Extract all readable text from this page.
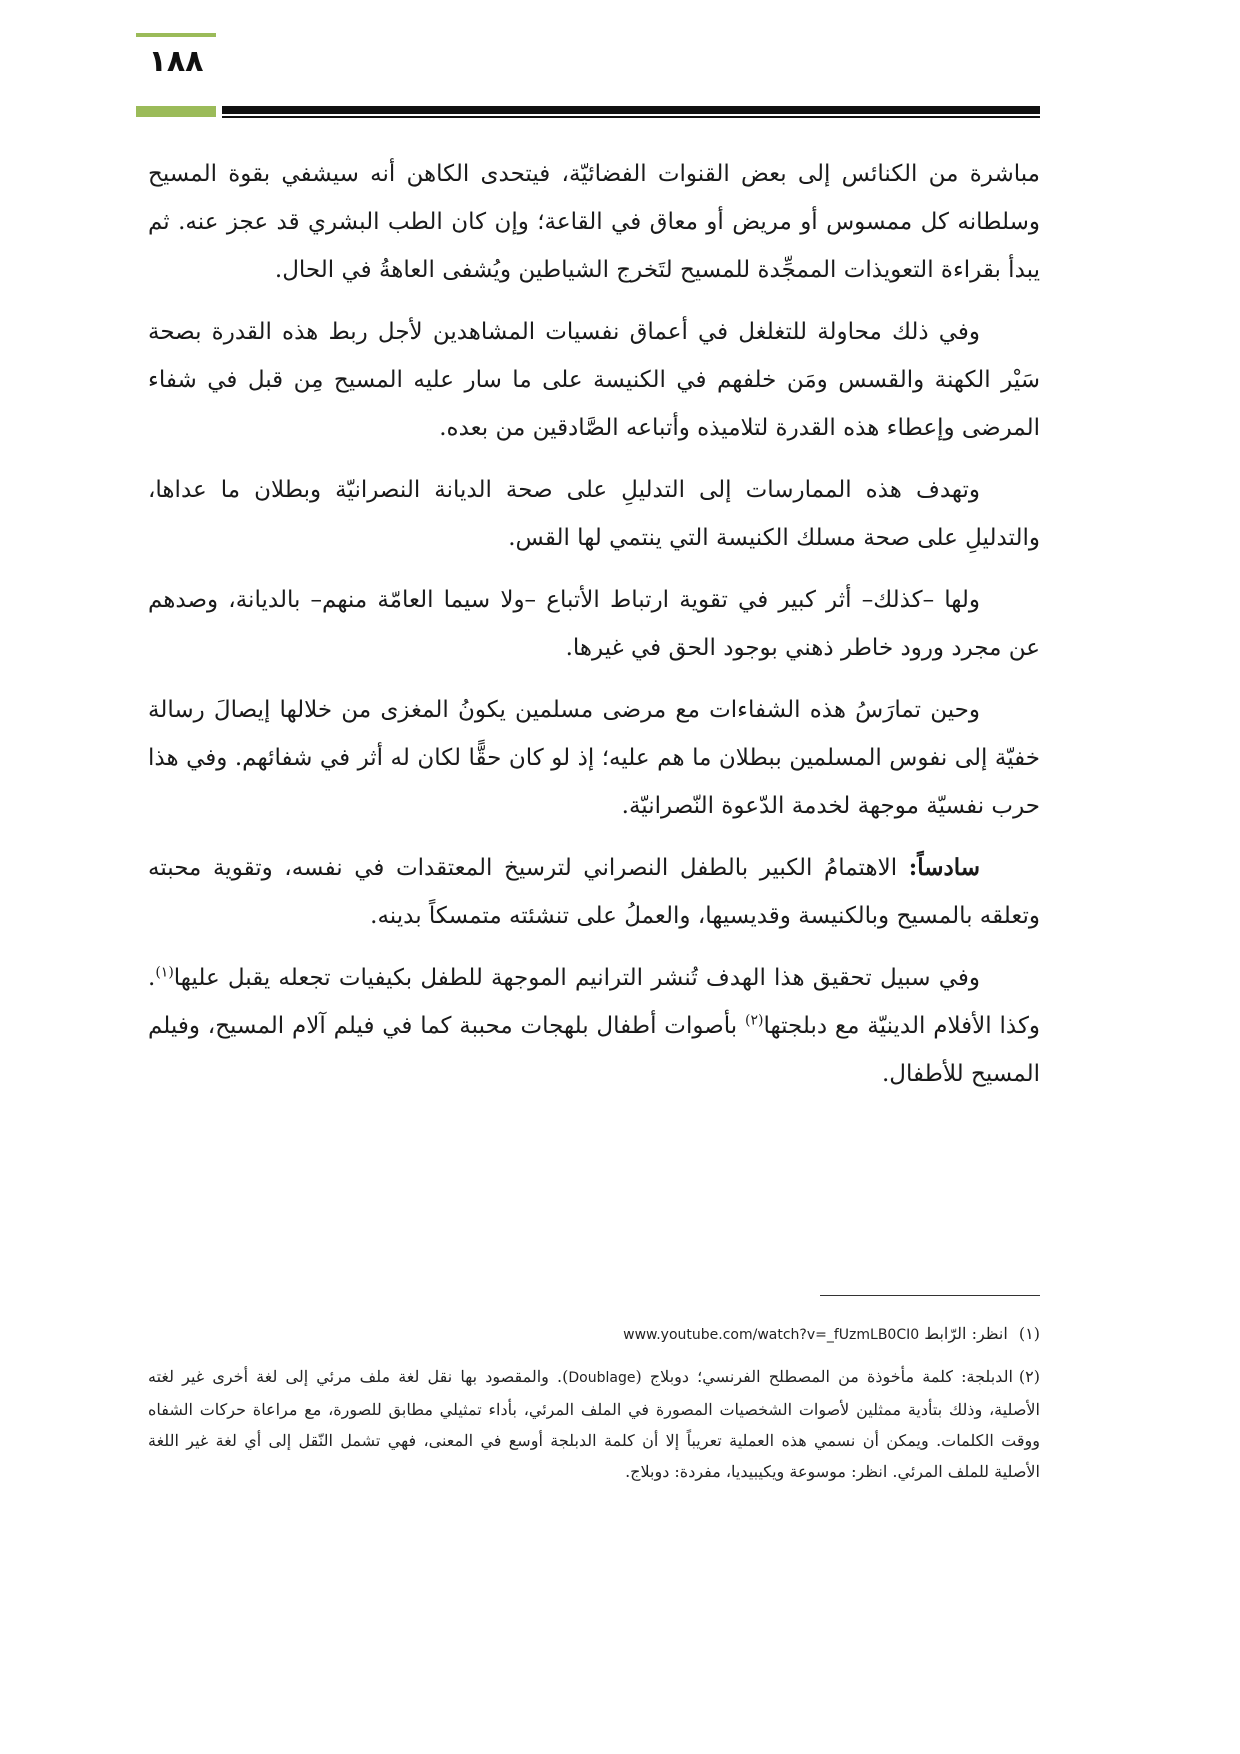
١٨٨

مباشرة من الكنائس إلى بعض القنوات الفضائيّة، فيتحدى الكاهن أنه سيشفي بقوة المسيح وسلطانه كل ممسوس أو مريض أو معاق في القاعة؛ وإن كان الطب البشري قد عجز عنه. ثم يبدأ بقراءة التعويذات الممجِّدة للمسيح لتَخرج الشياطين ويُشفى العاهةُ في الحال.

وفي ذلك محاولة للتغلغل في أعماق نفسيات المشاهدين لأجل ربط هذه القدرة بصحة سَيْر الكهنة والقسس ومَن خلفهم في الكنيسة على ما سار عليه المسيح مِن قبل في شفاء المرضى وإعطاء هذه القدرة لتلاميذه وأتباعه الصَّادقين من بعده.

وتهدف هذه الممارسات إلى التدليلِ على صحة الديانة النصرانيّة وبطلان ما عداها، والتدليلِ على صحة مسلك الكنيسة التي ينتمي لها القس.

ولها –كذلك– أثر كبير في تقوية ارتباط الأتباع –ولا سيما العامّة منهم– بالديانة، وصدهم عن مجرد ورود خاطر ذهني بوجود الحق في غيرها.

وحين تمارَسُ هذه الشفاءات مع مرضى مسلمين يكونُ المغزى من خلالها إيصالَ رسالة خفيّة إلى نفوس المسلمين ببطلان ما هم عليه؛ إذ لو كان حقًّا لكان له أثر في شفائهم. وفي هذا حرب نفسيّة موجهة لخدمة الدّعوة النّصرانيّة.

سادساً: الاهتمامُ الكبير بالطفل النصراني لترسيخ المعتقدات في نفسه، وتقوية محبته وتعلقه بالمسيح وبالكنيسة وقديسيها، والعملُ على تنشئته متمسكاً بدينه.

وفي سبيل تحقيق هذا الهدف تُنشر الترانيم الموجهة للطفل بكيفيات تجعله يقبل عليها$^{(١)}$. وكذا الأفلام الدينيّة مع دبلجتها$^{(٢)}$ بأصوات أطفال بلهجات محببة كما في فيلم آلام المسيح، وفيلم المسيح للأطفال.

(١) انظر: الرّابط www.youtube.com/watch?v=_fUzmLB0CI0
(٢)الدبلجة: كلمة مأخوذة من المصطلح الفرنسي؛ دوبلاج (Doublage). والمقصود بها نقل لغة ملف مرئي إلى لغة أخرى غير لغته الأصلية، وذلك بتأدية ممثلين لأصوات الشخصيات المصورة في الملف المرئي، بأداء تمثيلي مطابق للصورة، مع مراعاة حركات الشفاه ووقت الكلمات. ويمكن أن نسمي هذه العملية تعريباً إلا أن كلمة الدبلجة أوسع في المعنى، فهي تشمل النّقل إلى أي لغة غير اللغة الأصلية للملف المرئي. انظر: موسوعة ويكيبيديا، مفردة: دوبلاج.
